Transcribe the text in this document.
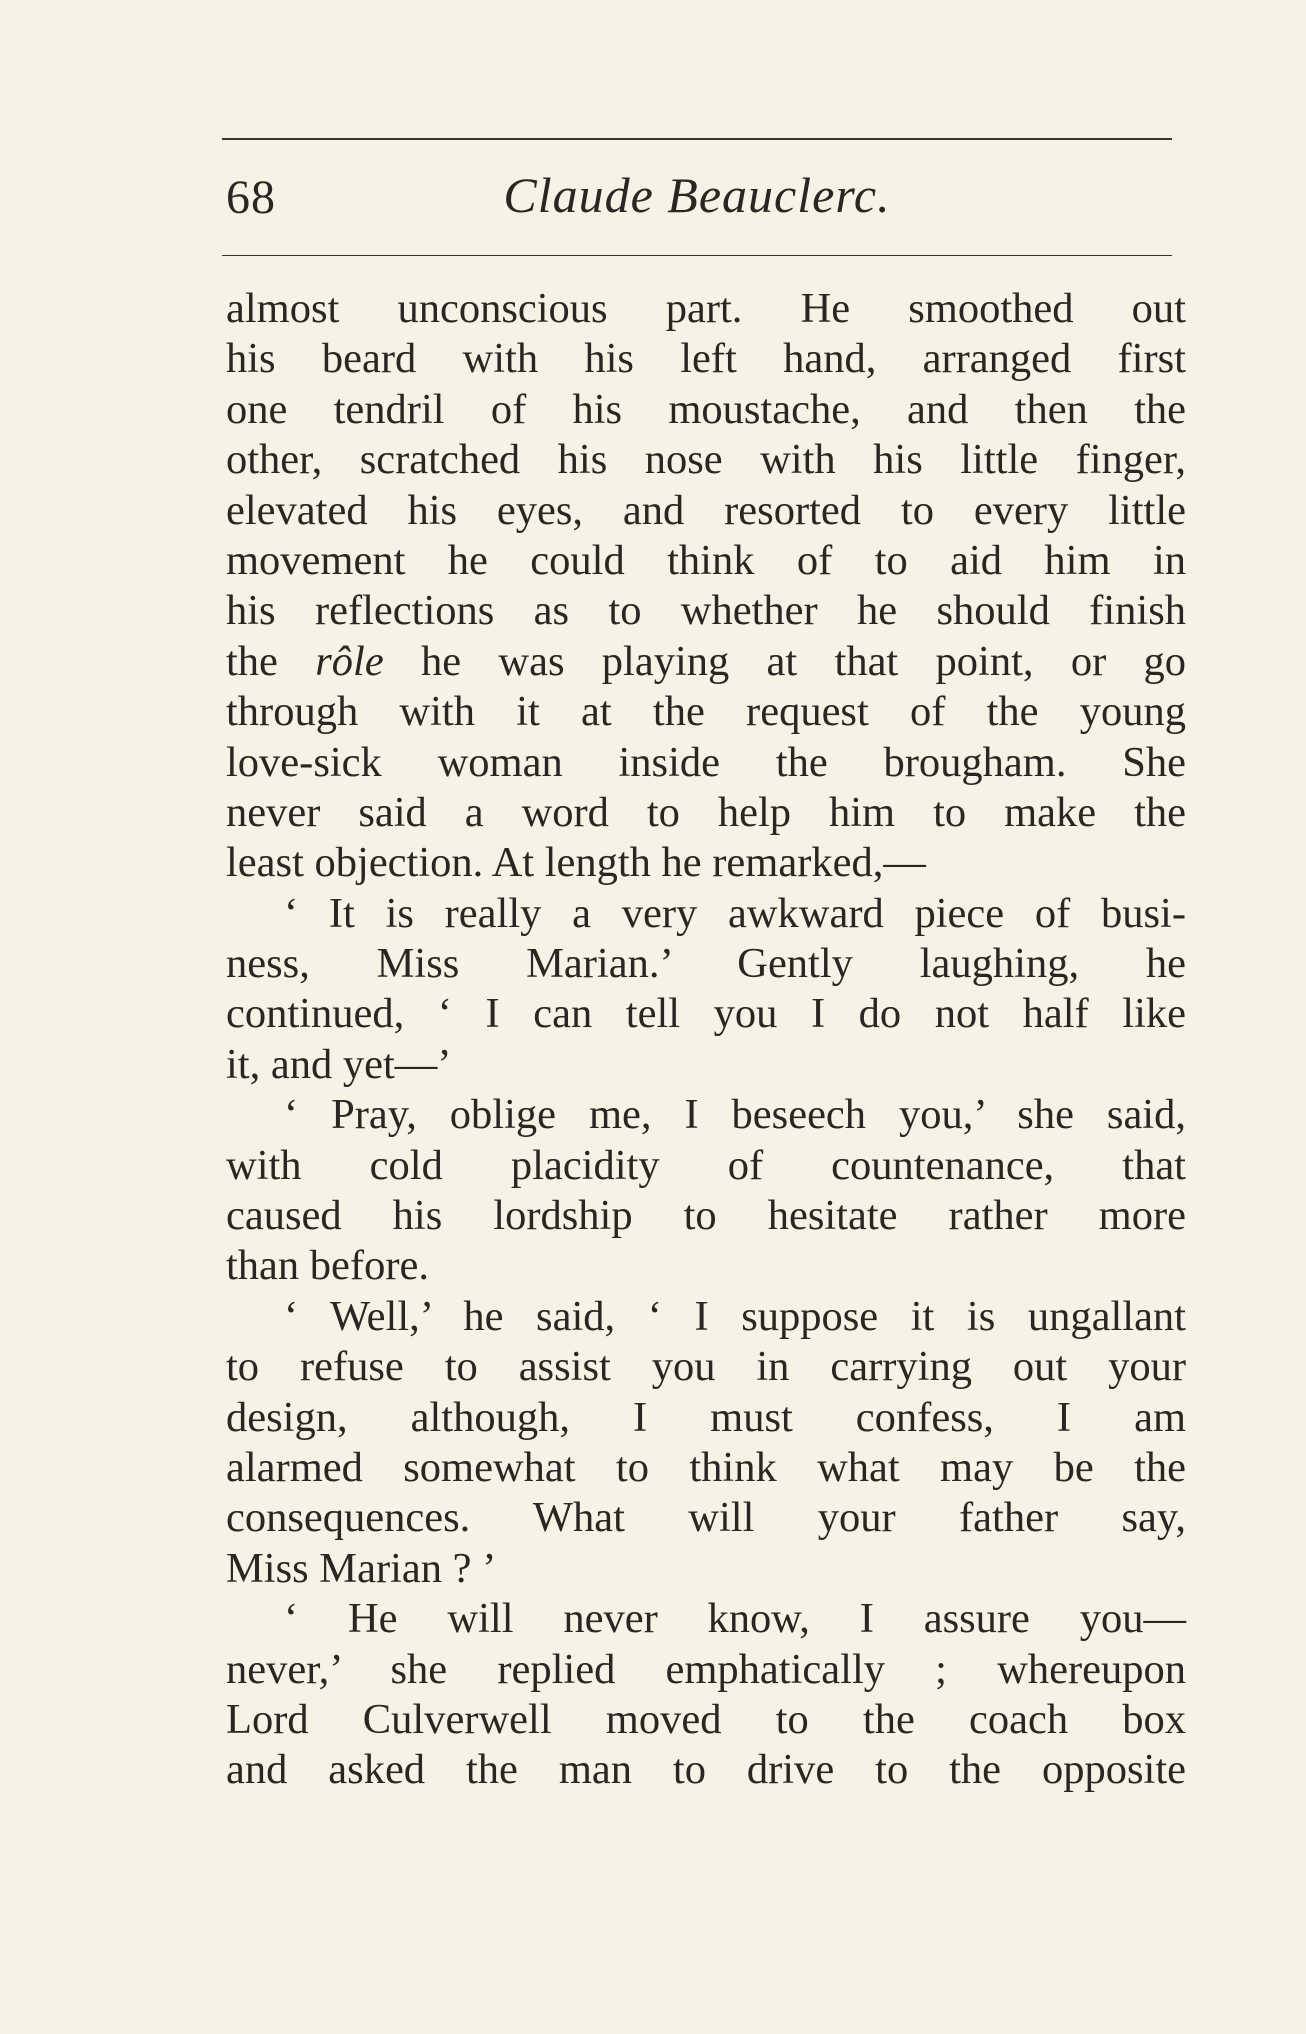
68	Claude Beauclerc.
almost unconscious part. He smoothed out
his beard with his left hand, arranged first
one tendril of his moustache, and then the
other, scratched his nose with his little finger,
elevated his eyes, and resorted to every little
movement he could think of to aid him in
his reflections as to whether he should finish
the rôle he was playing at that point, or go
through with it at the request of the young
love-sick woman inside the brougham. She
never said a word to help him to make the
least objection. At length he remarked,—
‘ It is really a very awkward piece of busi-
ness, Miss Marian.’ Gently laughing, he
continued, ‘ I can tell you I do not half like
it, and yet—’
‘ Pray, oblige me, I beseech you,’ she said,
with cold placidity of countenance, that
caused his lordship to hesitate rather more
than before.
‘ Well,’ he said, ‘ I suppose it is ungallant
to refuse to assist you in carrying out your
design, although, I must confess, I am
alarmed somewhat to think what may be the
consequences. What will your father say,
Miss Marian ? ’
‘ He will never know, I assure you—
never,’ she replied emphatically ; whereupon
Lord Culverwell moved to the coach box
and asked the man to drive to the opposite
